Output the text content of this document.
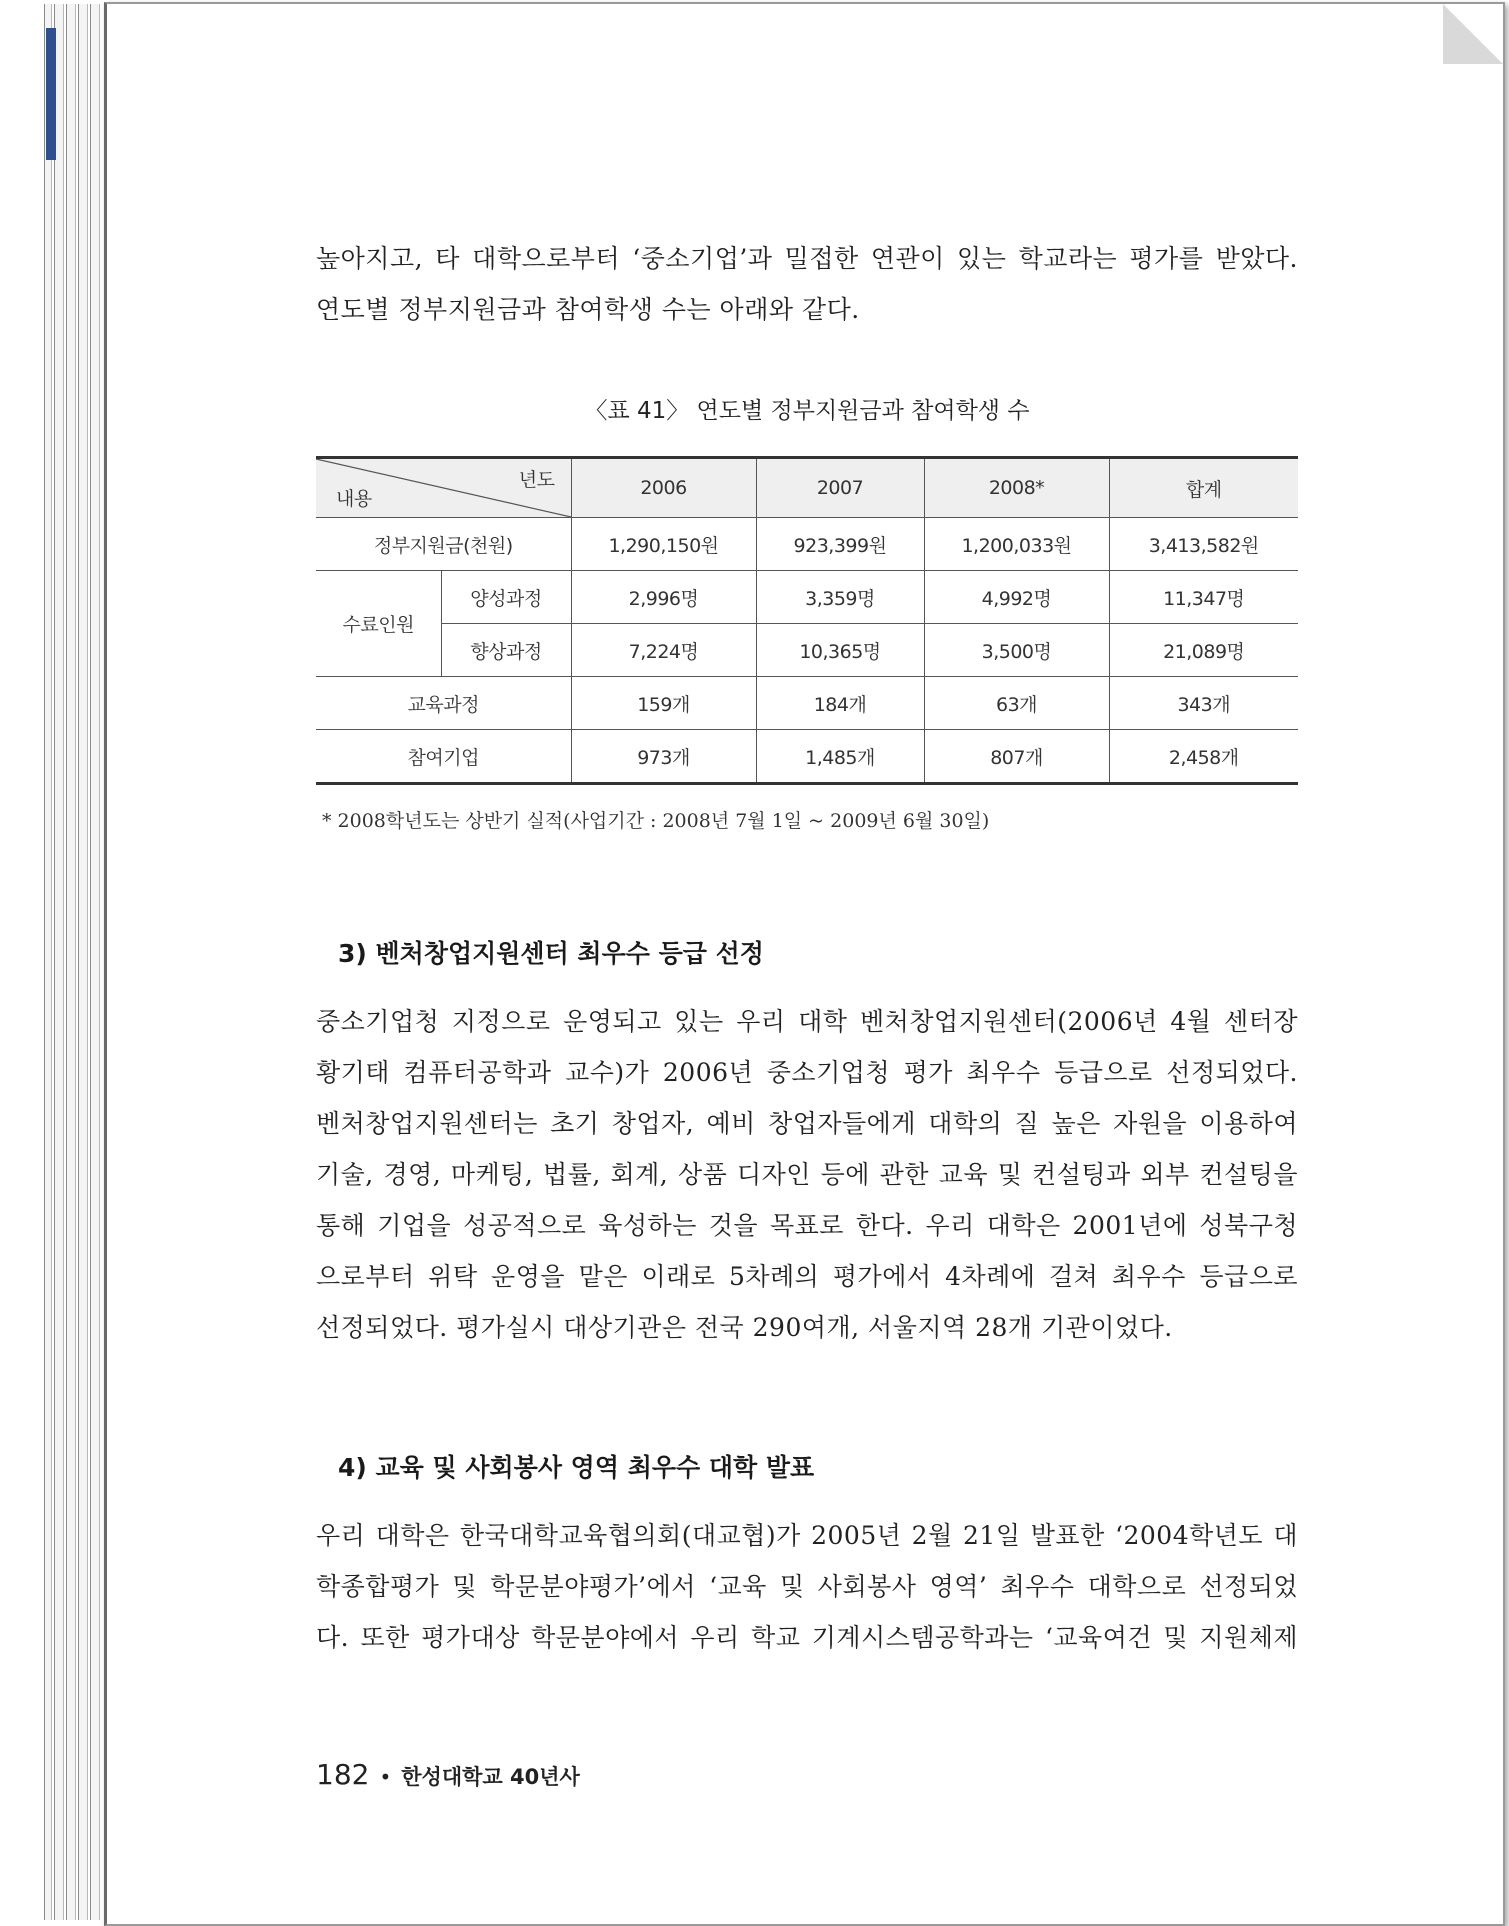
높아지고, 타 대학으로부터 ‘중소기업’과 밀접한 연관이 있는 학교라는 평가를 받았다.
연도별 정부지원금과 참여학생 수는 아래와 같다.
〈표 41〉 연도별 정부지원금과 참여학생 수
년도
내용		2006	2007	2008*	합계
정부지원금(천원)		1,290,150원	923,399원	1,200,033원	3,413,582원
수료인원	양성과정	2,996명	3,359명	4,992명	11,347명
	향상과정	7,224명	10,365명	3,500명	21,089명
교육과정		159개	184개	63개	343개
참여기업		973개	1,485개	807개	2,458개
* 2008학년도는 상반기 실적(사업기간 : 2008년 7월 1일 ~ 2009년 6월 30일)
3) 벤처창업지원센터 최우수 등급 선정
중소기업청 지정으로 운영되고 있는 우리 대학 벤처창업지원센터(2006년 4월 센터장
황기태 컴퓨터공학과 교수)가 2006년 중소기업청 평가 최우수 등급으로 선정되었다.
벤처창업지원센터는 초기 창업자, 예비 창업자들에게 대학의 질 높은 자원을 이용하여
기술, 경영, 마케팅, 법률, 회계, 상품 디자인 등에 관한 교육 및 컨설팅과 외부 컨설팅을
통해 기업을 성공적으로 육성하는 것을 목표로 한다. 우리 대학은 2001년에 성북구청
으로부터 위탁 운영을 맡은 이래로 5차례의 평가에서 4차례에 걸쳐 최우수 등급으로
선정되었다. 평가실시 대상기관은 전국 290여개, 서울지역 28개 기관이었다.
4) 교육 및 사회봉사 영역 최우수 대학 발표
우리 대학은 한국대학교육협의회(대교협)가 2005년 2월 21일 발표한 ‘2004학년도 대
학종합평가 및 학문분야평가’에서 ‘교육 및 사회봉사 영역’ 최우수 대학으로 선정되었
다. 또한 평가대상 학문분야에서 우리 학교 기계시스템공학과는 ‘교육여건 및 지원체제
182 • 한성대학교 40년사
